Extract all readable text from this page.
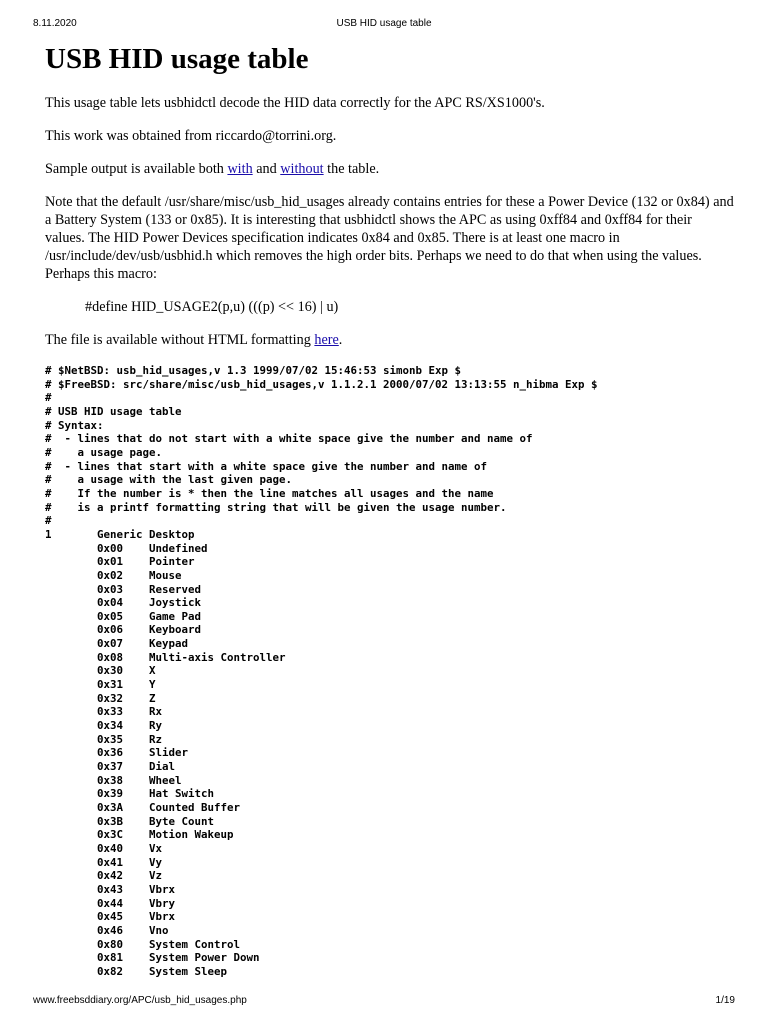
8.11.2020	USB HID usage table
USB HID usage table

This usage table lets usbhidctl decode the HID data correctly for the APC RS/XS1000's.

This work was obtained from riccardo@torrini.org.

Sample output is available both with and without the table.

Note that the default /usr/share/misc/usb_hid_usages already contains entries for these a Power Device (132 or 0x84) and a Battery System (133 or 0x85). It is interesting that usbhidctl shows the APC as using 0xff84 and 0xff84 for their values. The HID Power Devices specification indicates 0x84 and 0x85. There is at least one macro in /usr/include/dev/usb/usbhid.h which removes the high order bits. Perhaps we need to do that when using the values. Perhaps this macro:

#define HID_USAGE2(p,u) (((p) << 16) | u)

The file is available without HTML formatting here.

# $NetBSD: usb_hid_usages,v 1.3 1999/07/02 15:46:53 simonb Exp $
# $FreeBSD: src/share/misc/usb_hid_usages,v 1.1.2.1 2000/07/02 13:13:55 n_hibma Exp $
#
# USB HID usage table
# Syntax:
#  - lines that do not start with a white space give the number and name of
#    a usage page.
#  - lines that start with a white space give the number and name of
#    a usage with the last given page.
#    If the number is * then the line matches all usages and the name
#    is a printf formatting string that will be given the usage number.
#
1       Generic Desktop
0x00    Undefined
0x01    Pointer
0x02    Mouse
0x03    Reserved
0x04    Joystick
0x05    Game Pad
0x06    Keyboard
0x07    Keypad
0x08    Multi-axis Controller
0x30    X
0x31    Y
0x32    Z
0x33    Rx
0x34    Ry
0x35    Rz
0x36    Slider
0x37    Dial
0x38    Wheel
0x39    Hat Switch
0x3A    Counted Buffer
0x3B    Byte Count
0x3C    Motion Wakeup
0x40    Vx
0x41    Vy
0x42    Vz
0x43    Vbrx
0x44    Vbry
0x45    Vbrx
0x46    Vno
0x80    System Control
0x81    System Power Down
0x82    System Sleep
www.freebsddiary.org/APC/usb_hid_usages.php	1/19
